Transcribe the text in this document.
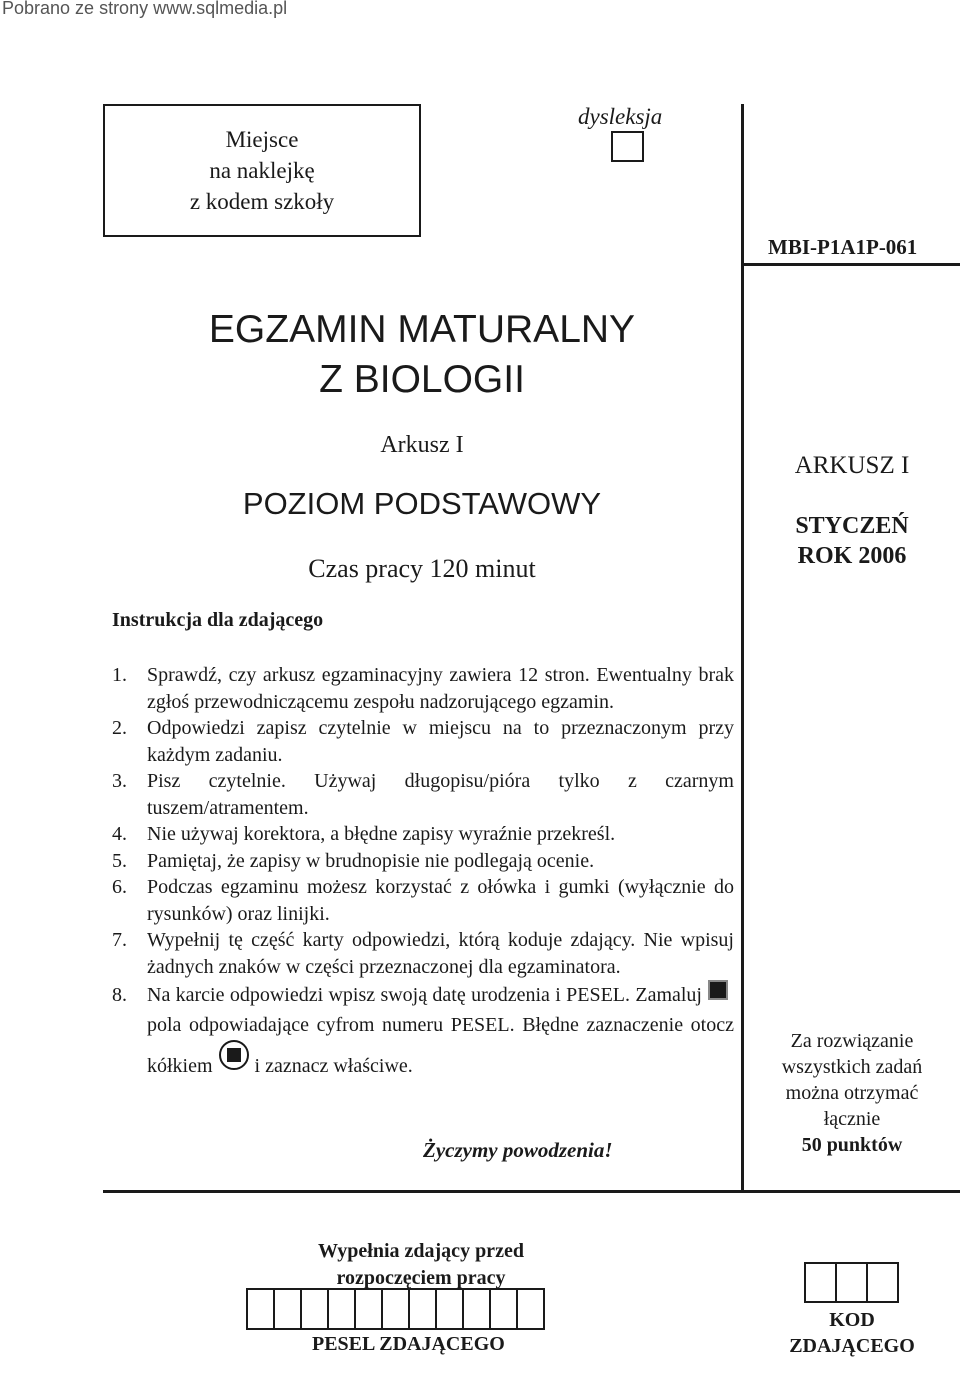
Pobrano ze strony www.sqlmedia.pl
Miejsce
na naklejkę
z kodem szkoły
dysleksja
MBI-P1A1P-061
EGZAMIN MATURALNY
Z BIOLOGII
Arkusz I
POZIOM PODSTAWOWY
Czas pracy 120 minut
ARKUSZ I
STYCZEŃ
ROK 2006
Instrukcja dla zdającego
1. Sprawdź, czy arkusz egzaminacyjny zawiera 12 stron. Ewentualny brak zgłoś przewodniczącemu zespołu nadzorującego egzamin.
2. Odpowiedzi zapisz czytelnie w miejscu na to przeznaczonym przy każdym zadaniu.
3. Pisz czytelnie. Używaj długopisu/pióra tylko z czarnym tuszem/atramentem.
4. Nie używaj korektora, a błędne zapisy wyraźnie przekreśl.
5. Pamiętaj, że zapisy w brudnopisie nie podlegają ocenie.
6. Podczas egzaminu możesz korzystać z ołówka i gumki (wyłącznie do rysunków) oraz linijki.
7. Wypełnij tę część karty odpowiedzi, którą koduje zdający. Nie wpisuj żadnych znaków w części przeznaczonej dla egzaminatora.
8. Na karcie odpowiedzi wpisz swoją datę urodzenia i PESEL. Zamalujpola odpowiadające cyfrom numeru PESEL. Błędne zaznaczenie otocz kółkiem i zaznacz właściwe.
Życzymy powodzenia!
Za rozwiązanie
wszystkich zadań
można otrzymać
łącznie
50 punktów
Wypełnia zdający przed
rozpoczęciem pracy
PESEL ZDAJĄCEGO
KOD
ZDAJĄCEGO
